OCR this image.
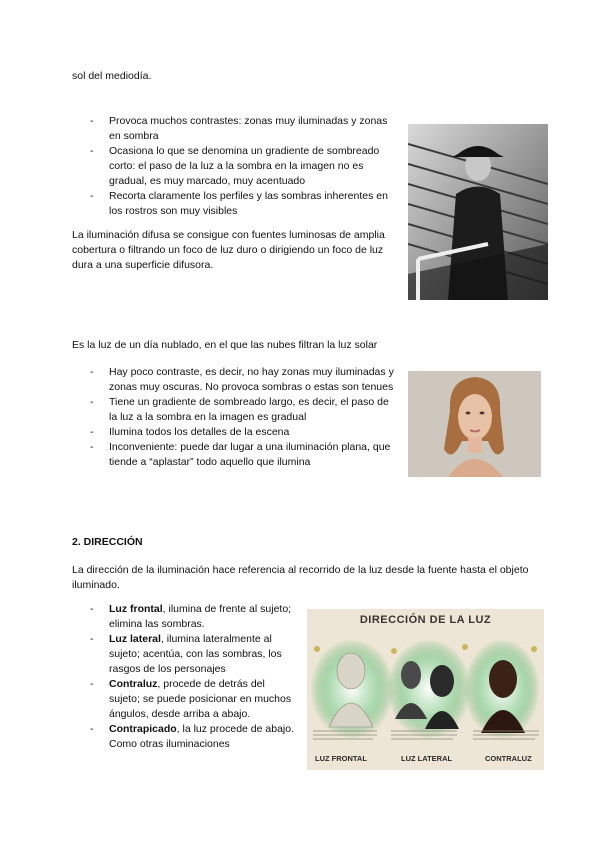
sol del mediodía.

- Provoca muchos contrastes: zonas muy iluminadas y zonas en sombra
- Ocasiona lo que se denomina un gradiente de sombreado corto: el paso de la luz a la sombra en la imagen no es gradual, es muy marcado, muy acentuado
- Recorta claramente los perfiles y las sombras inherentes en los rostros son muy visibles

La iluminación difusa se consigue con fuentes luminosas de amplia cobertura o filtrando un foco de luz duro o dirigiendo un foco de luz dura a una superficie difusora.

Es la luz de un día nublado, en el que las nubes filtran la luz solar

- Hay poco contraste, es decir, no hay zonas muy iluminadas y zonas muy oscuras. No provoca sombras o estas son tenues
- Tiene un gradiente de sombreado largo, es decir, el paso de la luz a la sombra en la imagen es gradual
- Ilumina todos los detalles de la escena
- Inconveniente: puede dar lugar a una iluminación plana, que tiende a “aplastar” todo aquello que ilumina
2. DIRECCIÓN

La dirección de la iluminación hace referencia al recorrido de la luz desde la fuente hasta el objeto iluminado.

- Luz frontal, ilumina de frente al sujeto; elimina las sombras.
- Luz lateral, ilumina lateralmente al sujeto; acentúa, con las sombras, los rasgos de los personajes
- Contraluz, procede de detrás del sujeto; se puede posicionar en muchos ángulos, desde arriba a abajo.
- Contrapicado, la luz procede de abajo. Como otras iluminaciones
DIRECCIÓN DE LA LUZ
LUZ FRONTAL	LUZ LATERAL	CONTRALUZ
